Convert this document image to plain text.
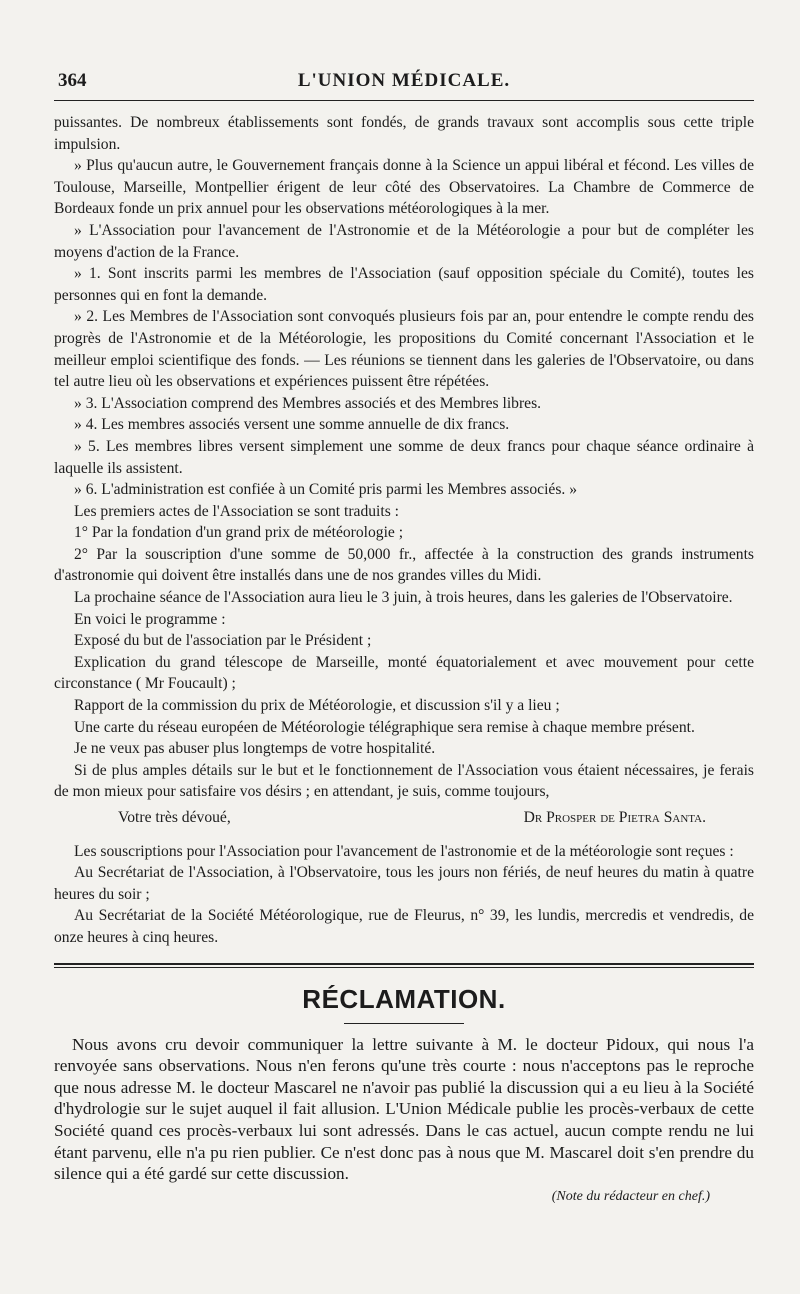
364	L'UNION MÉDICALE.

puissantes. De nombreux établissements sont fondés, de grands travaux sont accomplis sous cette triple impulsion.

» Plus qu'aucun autre, le Gouvernement français donne à la Science un appui libéral et fécond. Les villes de Toulouse, Marseille, Montpellier érigent de leur côté des Observatoires. La Chambre de Commerce de Bordeaux fonde un prix annuel pour les observations météorologiques à la mer.

» L'Association pour l'avancement de l'Astronomie et de la Météorologie a pour but de compléter les moyens d'action de la France.

» 1. Sont inscrits parmi les membres de l'Association (sauf opposition spéciale du Comité), toutes les personnes qui en font la demande.

» 2. Les Membres de l'Association sont convoqués plusieurs fois par an, pour entendre le compte rendu des progrès de l'Astronomie et de la Météorologie, les propositions du Comité concernant l'Association et le meilleur emploi scientifique des fonds. — Les réunions se tiennent dans les galeries de l'Observatoire, ou dans tel autre lieu où les observations et expériences puissent être répétées.

» 3. L'Association comprend des Membres associés et des Membres libres.

» 4. Les membres associés versent une somme annuelle de dix francs.

» 5. Les membres libres versent simplement une somme de deux francs pour chaque séance ordinaire à laquelle ils assistent.

» 6. L'administration est confiée à un Comité pris parmi les Membres associés. »

Les premiers actes de l'Association se sont traduits :

1° Par la fondation d'un grand prix de météorologie ;

2° Par la souscription d'une somme de 50,000 fr., affectée à la construction des grands instruments d'astronomie qui doivent être installés dans une de nos grandes villes du Midi.

La prochaine séance de l'Association aura lieu le 3 juin, à trois heures, dans les galeries de l'Observatoire.

En voici le programme :

Exposé du but de l'association par le Président ;

Explication du grand télescope de Marseille, monté équatorialement et avec mouvement pour cette circonstance ( Mr Foucault) ;

Rapport de la commission du prix de Météorologie, et discussion s'il y a lieu ;

Une carte du réseau européen de Météorologie télégraphique sera remise à chaque membre présent.

Je ne veux pas abuser plus longtemps de votre hospitalité.

Si de plus amples détails sur le but et le fonctionnement de l'Association vous étaient nécessaires, je ferais de mon mieux pour satisfaire vos désirs ; en attendant, je suis, comme toujours,

Votre très dévoué,	Dr Prosper de Pietra Santa.

Les souscriptions pour l'Association pour l'avancement de l'astronomie et de la météorologie sont reçues :

Au Secrétariat de l'Association, à l'Observatoire, tous les jours non fériés, de neuf heures du matin à quatre heures du soir ;

Au Secrétariat de la Société Météorologique, rue de Fleurus, n° 39, les lundis, mercredis et vendredis, de onze heures à cinq heures.

RÉCLAMATION.

Nous avons cru devoir communiquer la lettre suivante à M. le docteur Pidoux, qui nous l'a renvoyée sans observations. Nous n'en ferons qu'une très courte : nous n'acceptons pas le reproche que nous adresse M. le docteur Mascarel ne n'avoir pas publié la discussion qui a eu lieu à la Société d'hydrologie sur le sujet auquel il fait allusion. L'Union Médicale publie les procès-verbaux de cette Société quand ces procès-verbaux lui sont adressés. Dans le cas actuel, aucun compte rendu ne lui étant parvenu, elle n'a pu rien publier. Ce n'est donc pas à nous que M. Mascarel doit s'en prendre du silence qui a été gardé sur cette discussion.

(Note du rédacteur en chef.)
